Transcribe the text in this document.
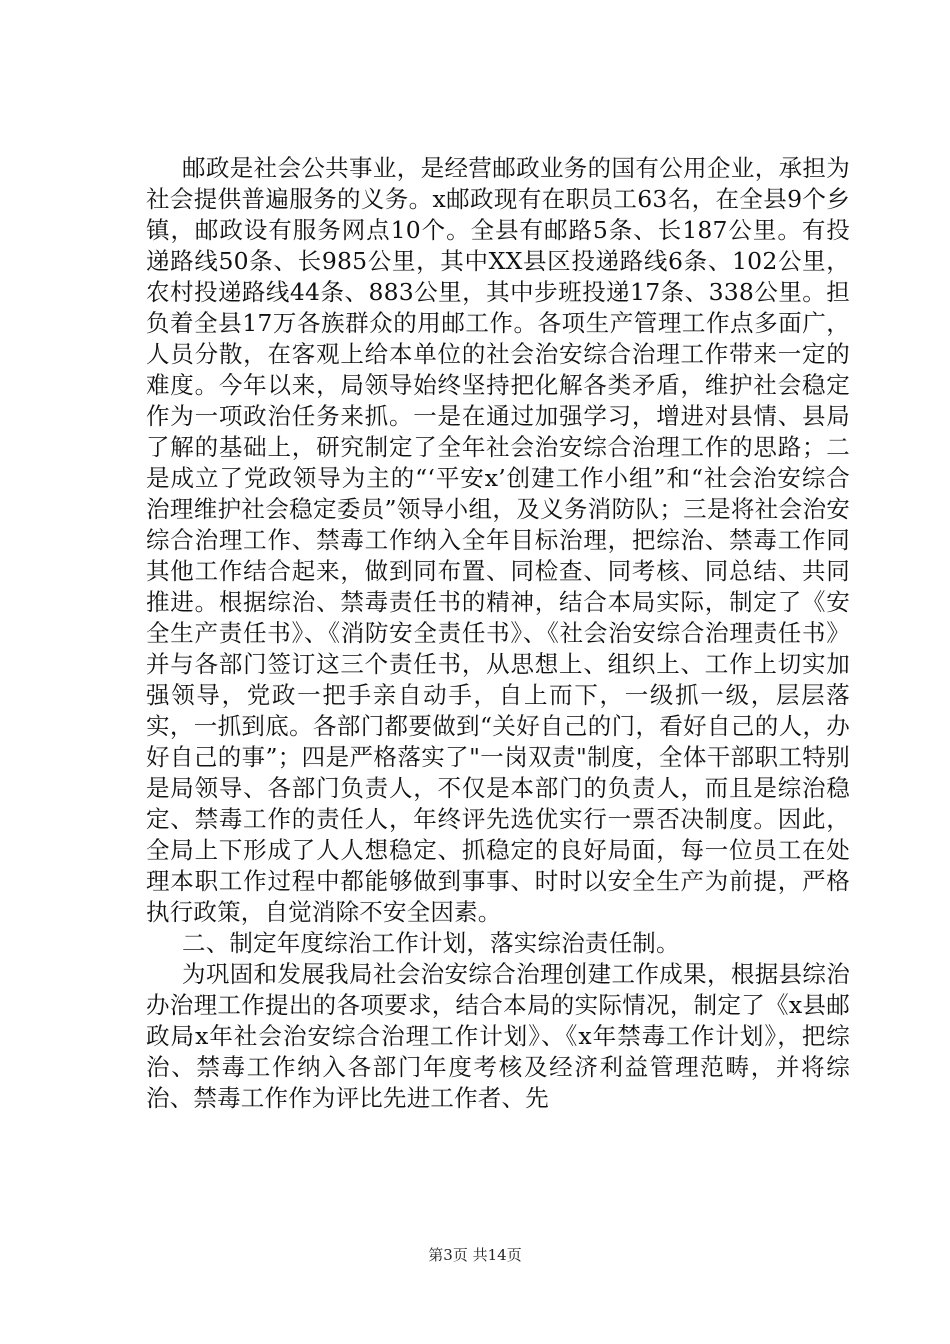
邮政是社会公共事业，是经营邮政业务的国有公用企业，承担为社会提供普遍服务的义务。x邮政现有在职员工63名，在全县9个乡镇，邮政设有服务网点10个。全县有邮路5条、长187公里。有投递路线50条、长985公里，其中XX县区投递路线6条、102公里，农村投递路线44条、883公里，其中步班投递17条、338公里。担负着全县17万各族群众的用邮工作。各项生产管理工作点多面广，人员分散，在客观上给本单位的社会治安综合治理工作带来一定的难度。今年以来，局领导始终坚持把化解各类矛盾，维护社会稳定作为一项政治任务来抓。一是在通过加强学习，增进对县情、县局了解的基础上，研究制定了全年社会治安综合治理工作的思路；二是成立了党政领导为主的“‘平安x’创建工作小组”和“社会治安综合治理维护社会稳定委员”领导小组，及义务消防队；三是将社会治安综合治理工作、禁毒工作纳入全年目标治理，把综治、禁毒工作同其他工作结合起来，做到同布置、同检查、同考核、同总结、共同推进。根据综治、禁毒责任书的精神，结合本局实际，制定了《安全生产责任书》、《消防安全责任书》、《社会治安综合治理责任书》并与各部门签订这三个责任书，从思想上、组织上、工作上切实加强领导，党政一把手亲自动手，自上而下，一级抓一级，层层落实，一抓到底。各部门都要做到“关好自己的门，看好自己的人，办好自己的事”；四是严格落实了"一岗双责"制度，全体干部职工特别是局领导、各部门负责人，不仅是本部门的负责人，而且是综治稳定、禁毒工作的责任人，年终评先选优实行一票否决制度。因此，全局上下形成了人人想稳定、抓稳定的良好局面，每一位员工在处理本职工作过程中都能够做到事事、时时以安全生产为前提，严格执行政策，自觉消除不安全因素。

二、制定年度综治工作计划，落实综治责任制。

为巩固和发展我局社会治安综合治理创建工作成果，根据县综治办治理工作提出的各项要求，结合本局的实际情况，制定了《x县邮政局x年社会治安综合治理工作计划》、《x年禁毒工作计划》，把综治、禁毒工作纳入各部门年度考核及经济利益管理范畴，并将综治、禁毒工作作为评比先进工作者、先

第3页 共14页
